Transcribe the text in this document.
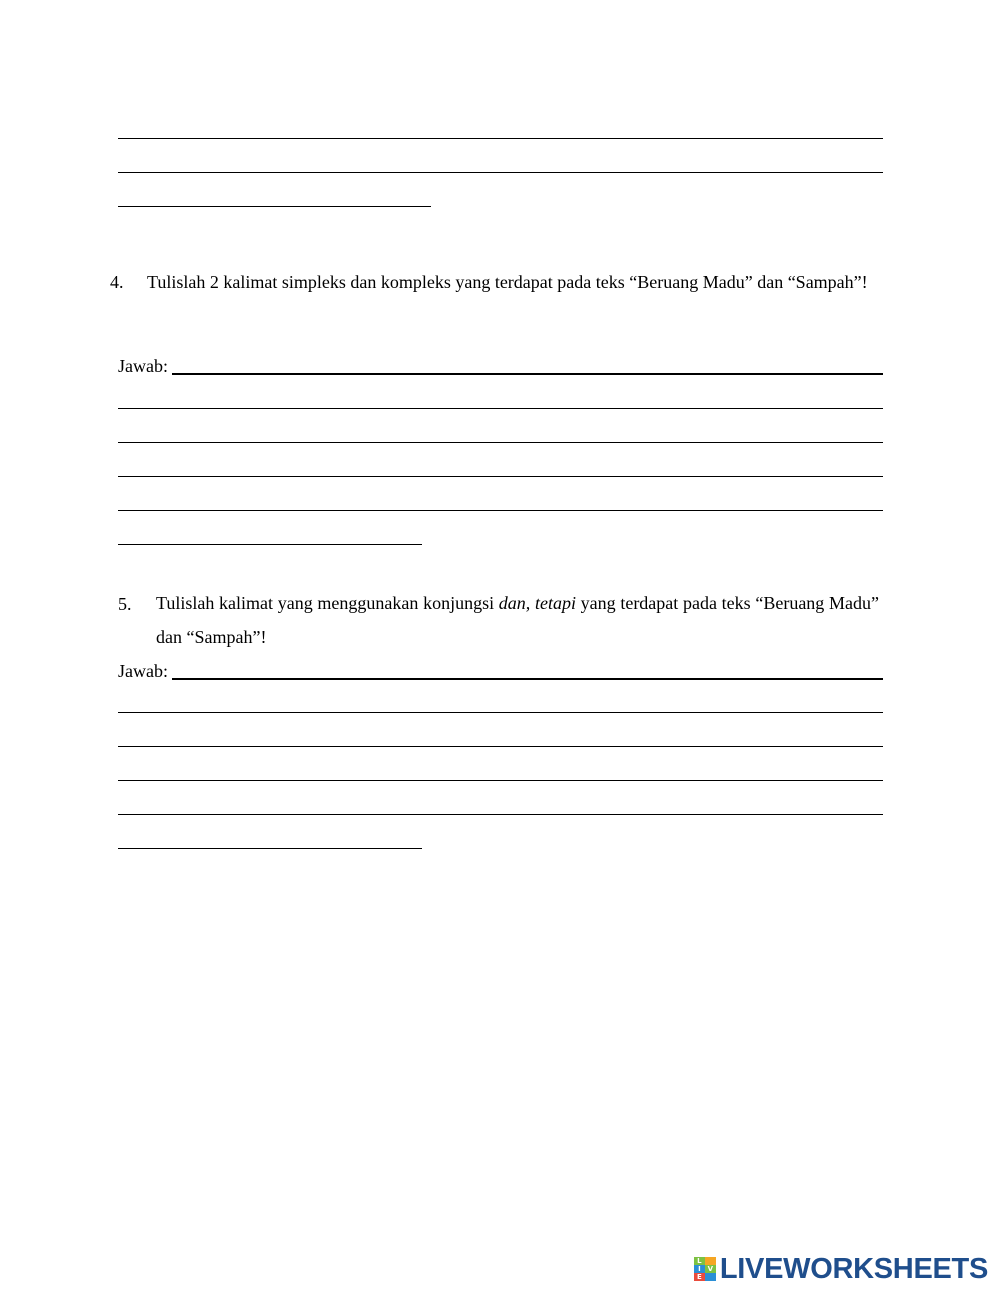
4. Tulislah 2 kalimat simpleks dan kompleks yang terdapat pada teks “Beruang Madu” dan “Sampah”!
Jawab:
5. Tulislah kalimat yang menggunakan konjungsi dan, tetapi yang terdapat pada teks “Beruang Madu” dan “Sampah”!
Jawab:
L
I V
E LIVEWORKSHEETS
